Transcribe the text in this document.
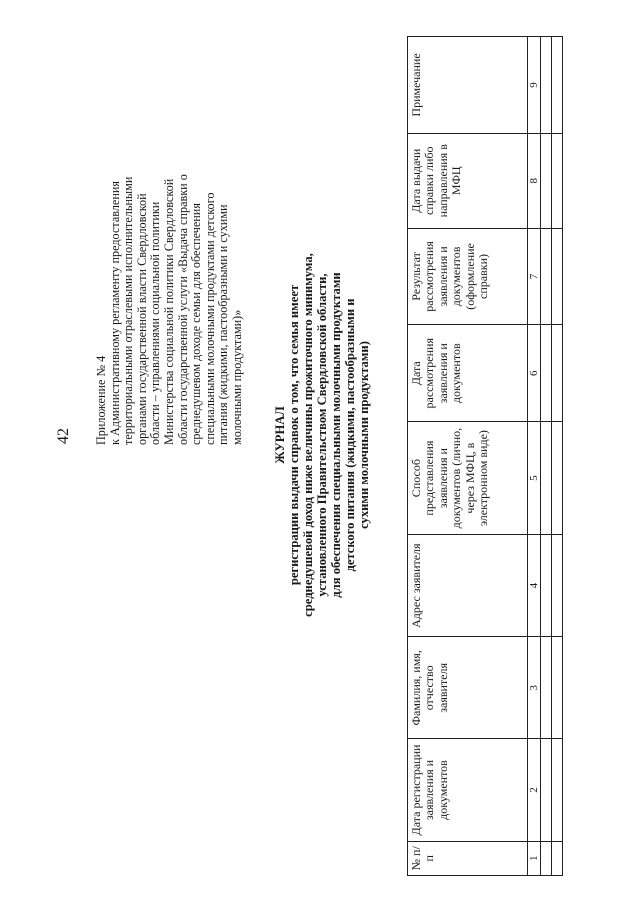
42 Приложение № 4 к Административному регламенту предоставления территориальными отраслевыми исполнительными органами государственной власти Свердловской области – управлениями социальной политики Министерства социальной политики Свердловской области государственной услуги «Выдача справки о среднедушевом доходе семьи для обеспечения специальными молочными продуктами детского питания (жидкими, пастообразными и сухими молочными продуктами)» ЖУРНАЛ регистрации выдачи справок о том, что семья имеет среднедушевой доход ниже величины прожиточного минимума, установленного Правительством Свердловской области, для обеспечения специальными молочными продуктами детского питания (жидкими, пастообразными и сухими молочными продуктами)
№ п/п	Дата регистрации заявления и документов	Фамилия, имя, отчество заявителя	Адрес заявителя	Способ представления заявления и документов (лично, через МФЦ, в электронном виде)	Дата рассмотрения заявления и документов	Результат рассмотрения заявления и документов (оформление справки)	Дата выдачи справки либо направления в МФЦ	Примечание
1	2	3	4	5	6	7	8	9
